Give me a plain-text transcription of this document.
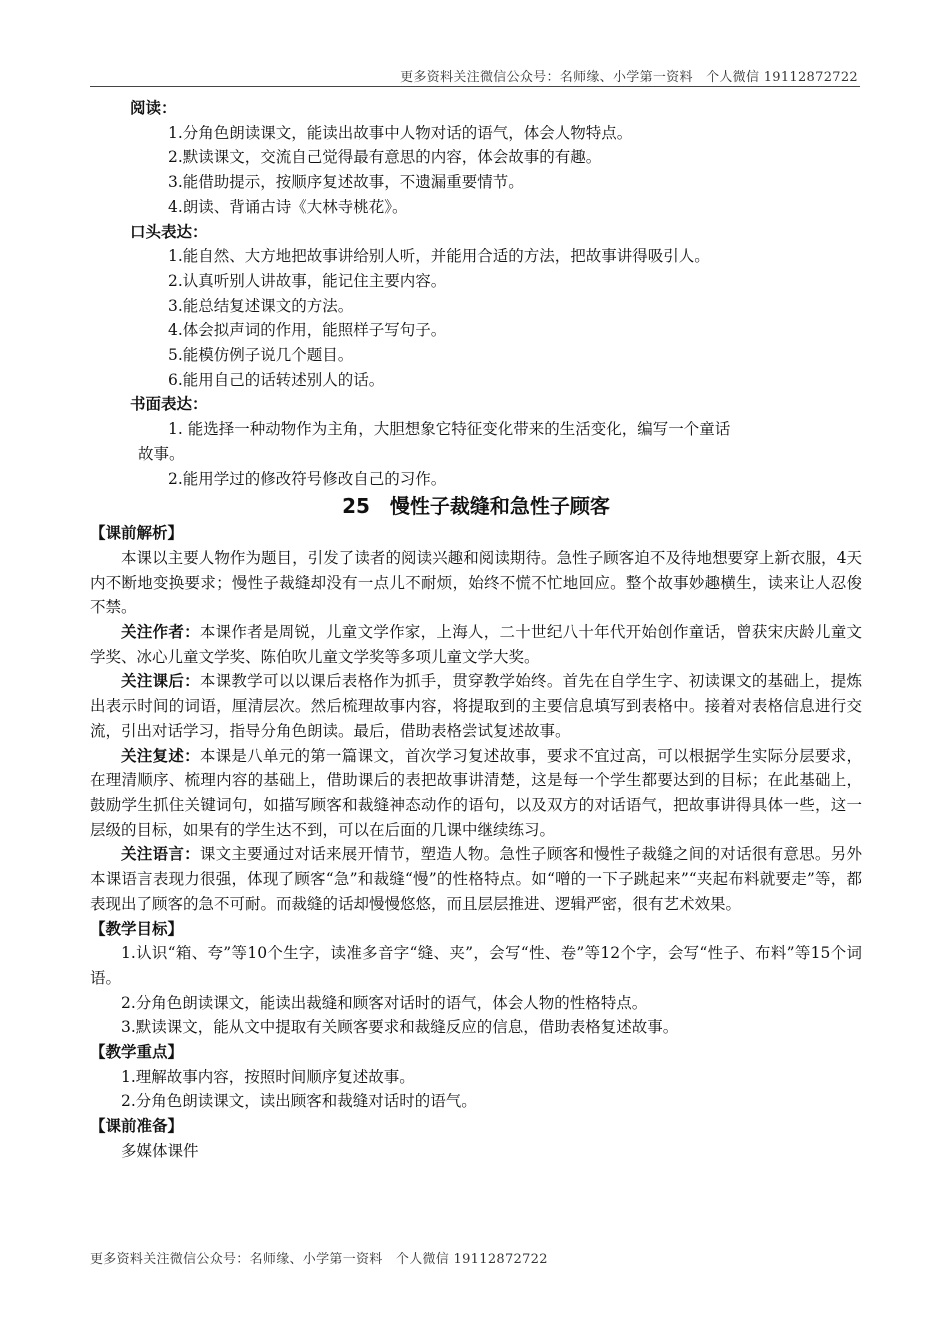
更多资料关注微信公众号：名师缘、小学第一资料　个人微信 19112872722

阅读：

1.分角色朗读课文，能读出故事中人物对话的语气，体会人物特点。

2.默读课文，交流自己觉得最有意思的内容，体会故事的有趣。

3.能借助提示，按顺序复述故事，不遗漏重要情节。

4.朗读、背诵古诗《大林寺桃花》。

口头表达：

1.能自然、大方地把故事讲给别人听，并能用合适的方法，把故事讲得吸引人。

2.认真听别人讲故事，能记住主要内容。

3.能总结复述课文的方法。

4.体会拟声词的作用，能照样子写句子。

5.能模仿例子说几个题目。

6.能用自己的话转述别人的话。

书面表达：

1. 能选择一种动物作为主角，大胆想象它特征变化带来的生活变化，编写一个童话

故事。

2.能用学过的修改符号修改自己的习作。

25　慢性子裁缝和急性子顾客

【课前解析】

本课以主要人物作为题目，引发了读者的阅读兴趣和阅读期待。急性子顾客迫不及待地想要穿上新衣服，4天内不断地变换要求；慢性子裁缝却没有一点儿不耐烦，始终不慌不忙地回应。整个故事妙趣横生，读来让人忍俊不禁。

关注作者：本课作者是周锐，儿童文学作家，上海人，二十世纪八十年代开始创作童话，曾获宋庆龄儿童文学奖、冰心儿童文学奖、陈伯吹儿童文学奖等多项儿童文学大奖。

关注课后：本课教学可以以课后表格作为抓手，贯穿教学始终。首先在自学生字、初读课文的基础上，提炼出表示时间的词语，厘清层次。然后梳理故事内容，将提取到的主要信息填写到表格中。接着对表格信息进行交流，引出对话学习，指导分角色朗读。最后，借助表格尝试复述故事。

关注复述：本课是八单元的第一篇课文，首次学习复述故事，要求不宜过高，可以根据学生实际分层要求，在理清顺序、梳理内容的基础上，借助课后的表把故事讲清楚，这是每一个学生都要达到的目标；在此基础上，鼓励学生抓住关键词句，如描写顾客和裁缝神态动作的语句，以及双方的对话语气，把故事讲得具体一些，这一层级的目标，如果有的学生达不到，可以在后面的几课中继续练习。

关注语言：课文主要通过对话来展开情节，塑造人物。急性子顾客和慢性子裁缝之间的对话很有意思。另外本课语言表现力很强，体现了顾客“急”和裁缝“慢”的性格特点。如“噌的一下子跳起来”“夹起布料就要走”等，都表现出了顾客的急不可耐。而裁缝的话却慢慢悠悠，而且层层推进、逻辑严密，很有艺术效果。

【教学目标】

1.认识“箱、夸”等10个生字，读准多音字“缝、夹”，会写“性、卷”等12个字，会写“性子、布料”等15个词语。

2.分角色朗读课文，能读出裁缝和顾客对话时的语气，体会人物的性格特点。

3.默读课文，能从文中提取有关顾客要求和裁缝反应的信息，借助表格复述故事。

【教学重点】

1.理解故事内容，按照时间顺序复述故事。

2.分角色朗读课文，读出顾客和裁缝对话时的语气。

【课前准备】

多媒体课件

更多资料关注微信公众号：名师缘、小学第一资料　个人微信 19112872722
